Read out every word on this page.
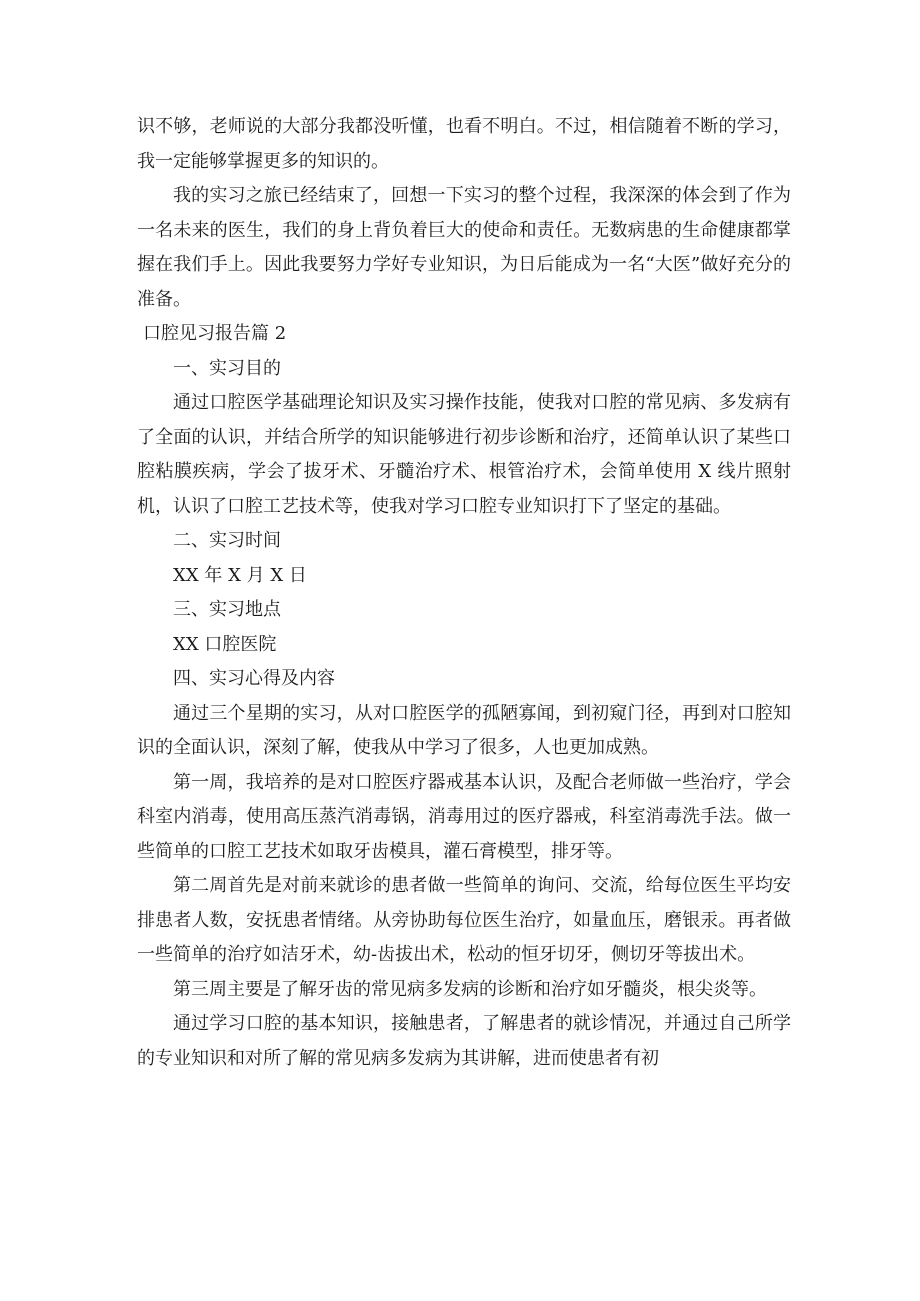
识不够，老师说的大部分我都没听懂，也看不明白。不过，相信随着不断的学习，我一定能够掌握更多的知识的。

我的实习之旅已经结束了，回想一下实习的整个过程，我深深的体会到了作为一名未来的医生，我们的身上背负着巨大的使命和责任。无数病患的生命健康都掌握在我们手上。因此我要努力学好专业知识，为日后能成为一名“大医”做好充分的准备。

口腔见习报告篇 2

一、实习目的

通过口腔医学基础理论知识及实习操作技能，使我对口腔的常见病、多发病有了全面的认识，并结合所学的知识能够进行初步诊断和治疗，还简单认识了某些口腔粘膜疾病，学会了拔牙术、牙髓治疗术、根管治疗术，会简单使用 X 线片照射机，认识了口腔工艺技术等，使我对学习口腔专业知识打下了坚定的基础。

二、实习时间

XX 年 X 月 X 日

三、实习地点

XX 口腔医院

四、实习心得及内容

通过三个星期的实习，从对口腔医学的孤陋寡闻，到初窥门径，再到对口腔知识的全面认识，深刻了解，使我从中学习了很多，人也更加成熟。

第一周，我培养的是对口腔医疗器戒基本认识，及配合老师做一些治疗，学会科室内消毒，使用高压蒸汽消毒锅，消毒用过的医疗器戒，科室消毒洗手法。做一些简单的口腔工艺技术如取牙齿模具，灌石膏模型，排牙等。

第二周首先是对前来就诊的患者做一些简单的询问、交流，给每位医生平均安排患者人数，安抚患者情绪。从旁协助每位医生治疗，如量血压，磨银汞。再者做一些简单的治疗如洁牙术，幼-齿拔出术，松动的恒牙切牙，侧切牙等拔出术。

第三周主要是了解牙齿的常见病多发病的诊断和治疗如牙髓炎，根尖炎等。

通过学习口腔的基本知识，接触患者，了解患者的就诊情况，并通过自己所学的专业知识和对所了解的常见病多发病为其讲解，进而使患者有初
